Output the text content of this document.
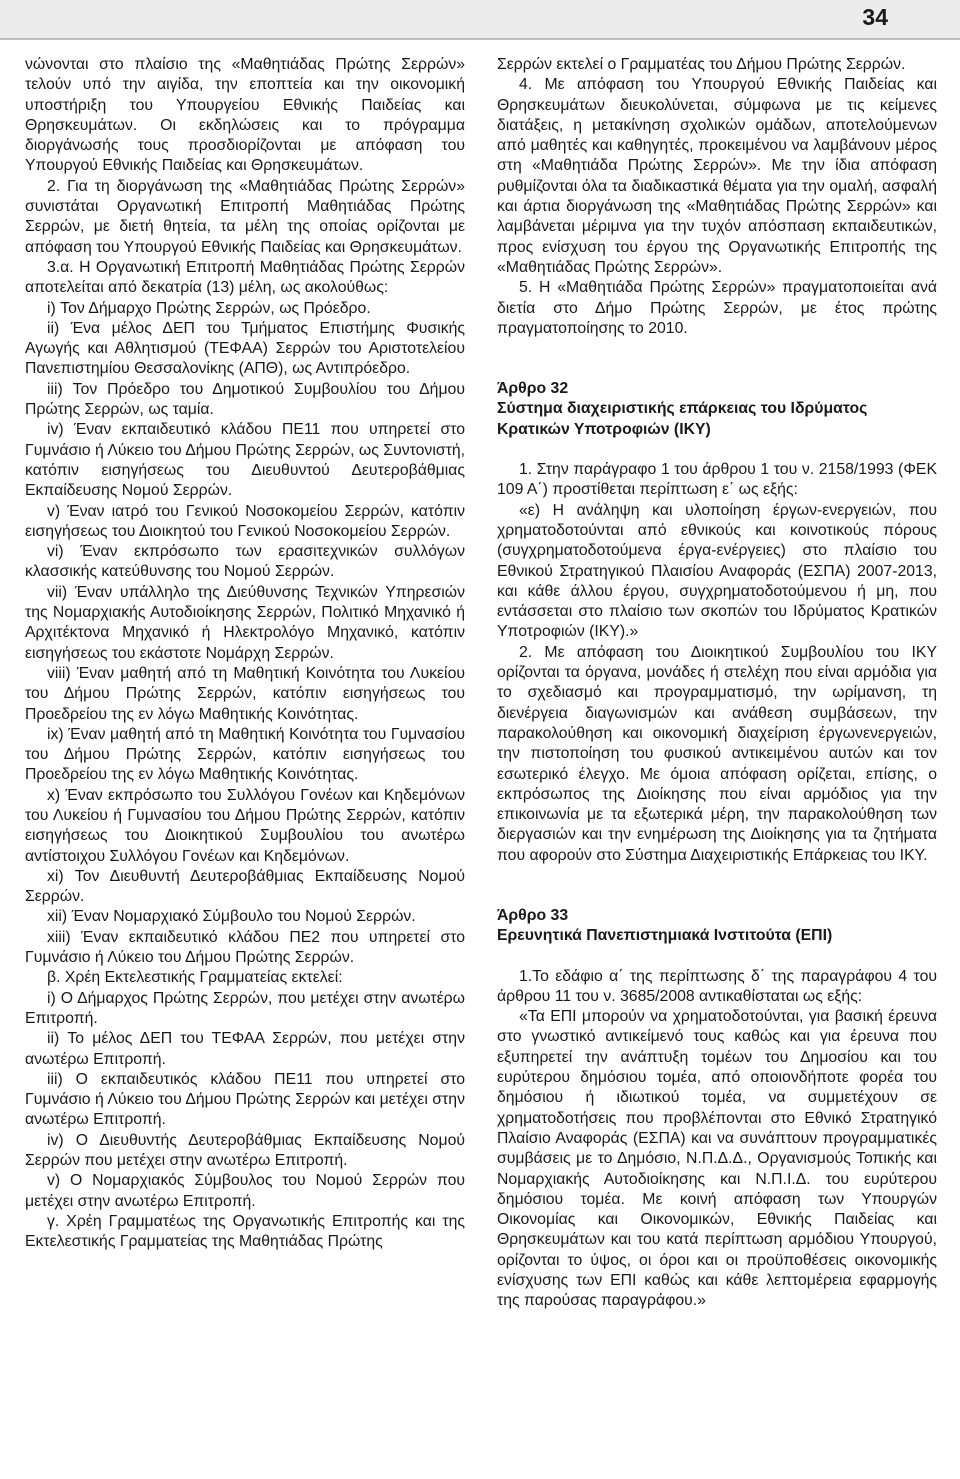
34

νώνονται στο πλαίσιο της «Μαθητιάδας Πρώτης Σερρών» τελούν υπό την αιγίδα, την εποπτεία και την οικονομική υποστήριξη του Υπουργείου Εθνικής Παιδείας και Θρησκευμάτων. Οι εκδηλώσεις και το πρόγραμμα διοργάνωσής τους προσδιορίζονται με απόφαση του Υπουργού Εθνικής Παιδείας και Θρησκευμάτων.

2. Για τη διοργάνωση της «Μαθητιάδας Πρώτης Σερρών» συνιστάται Οργανωτική Επιτροπή Μαθητιάδας Πρώτης Σερρών, με διετή θητεία, τα μέλη της οποίας ορίζονται με απόφαση του Υπουργού Εθνικής Παιδείας και Θρησκευμάτων.

3.α. Η Οργανωτική Επιτροπή Μαθητιάδας Πρώτης Σερρών αποτελείται από δεκατρία (13) μέλη, ως ακολούθως:

i) Τον Δήμαρχο Πρώτης Σερρών, ως Πρόεδρο.

ii) Ένα μέλος ΔΕΠ του Τμήματος Επιστήμης Φυσικής Αγωγής και Αθλητισμού (ΤΕΦΑΑ) Σερρών του Αριστοτελείου Πανεπιστημίου Θεσσαλονίκης (ΑΠΘ), ως Αντιπρόεδρο.

iii) Τον Πρόεδρο του Δημοτικού Συμβουλίου του Δήμου Πρώτης Σερρών, ως ταμία.

iv) Έναν εκπαιδευτικό κλάδου ΠΕ11 που υπηρετεί στο Γυμνάσιο ή Λύκειο του Δήμου Πρώτης Σερρών, ως Συντονιστή, κατόπιν εισηγήσεως του Διευθυντού Δευτεροβάθμιας Εκπαίδευσης Νομού Σερρών.

v) Έναν ιατρό του Γενικού Νοσοκομείου Σερρών, κατόπιν εισηγήσεως του Διοικητού του Γενικού Νοσοκομείου Σερρών.

vi) Έναν εκπρόσωπο των ερασιτεχνικών συλλόγων κλασσικής κατεύθυνσης του Νομού Σερρών.

vii) Έναν υπάλληλο της Διεύθυνσης Τεχνικών Υπηρεσιών της Νομαρχιακής Αυτοδιοίκησης Σερρών, Πολιτικό Μηχανικό ή Αρχιτέκτονα Μηχανικό ή Ηλεκτρολόγο Μηχανικό, κατόπιν εισηγήσεως του εκάστοτε Νομάρχη Σερρών.

viii) Έναν μαθητή από τη Μαθητική Κοινότητα του Λυκείου του Δήμου Πρώτης Σερρών, κατόπιν εισηγήσεως του Προεδρείου της εν λόγω Μαθητικής Κοινότητας.

ix) Έναν μαθητή από τη Μαθητική Κοινότητα του Γυμνασίου του Δήμου Πρώτης Σερρών, κατόπιν εισηγήσεως του Προεδρείου της εν λόγω Μαθητικής Κοινότητας.

x) Έναν εκπρόσωπο του Συλλόγου Γονέων και Κηδεμόνων του Λυκείου ή Γυμνασίου του Δήμου Πρώτης Σερρών, κατόπιν εισηγήσεως του Διοικητικού Συμβουλίου του ανωτέρω αντίστοιχου Συλλόγου Γονέων και Κηδεμόνων.

xi) Τον Διευθυντή Δευτεροβάθμιας Εκπαίδευσης Νομού Σερρών.

xii) Έναν Νομαρχιακό Σύμβουλο του Νομού Σερρών.

xiii) Έναν εκπαιδευτικό κλάδου ΠΕ2 που υπηρετεί στο Γυμνάσιο ή Λύκειο του Δήμου Πρώτης Σερρών.

β. Χρέη Εκτελεστικής Γραμματείας εκτελεί:

i) Ο Δήμαρχος Πρώτης Σερρών, που μετέχει στην ανωτέρω Επιτροπή.

ii) Το μέλος ΔΕΠ του ΤΕΦΑΑ Σερρών, που μετέχει στην ανωτέρω Επιτροπή.

iii) Ο εκπαιδευτικός κλάδου ΠΕ11 που υπηρετεί στο Γυμνάσιο ή Λύκειο του Δήμου Πρώτης Σερρών και μετέχει στην ανωτέρω Επιτροπή.

iv) Ο Διευθυντής Δευτεροβάθμιας Εκπαίδευσης Νομού Σερρών που μετέχει στην ανωτέρω Επιτροπή.

v) Ο Νομαρχιακός Σύμβουλος του Νομού Σερρών που μετέχει στην ανωτέρω Επιτροπή.

γ. Χρέη Γραμματέως της Οργανωτικής Επιτροπής και της Εκτελεστικής Γραμματείας της Μαθητιάδας Πρώτης

Σερρών εκτελεί ο Γραμματέας του Δήμου Πρώτης Σερρών.

4. Με απόφαση του Υπουργού Εθνικής Παιδείας και Θρησκευμάτων διευκολύνεται, σύμφωνα με τις κείμενες διατάξεις, η μετακίνηση σχολικών ομάδων, αποτελούμενων από μαθητές και καθηγητές, προκειμένου να λαμβάνουν μέρος στη «Μαθητιάδα Πρώτης Σερρών». Με την ίδια απόφαση ρυθμίζονται όλα τα διαδικαστικά θέματα για την ομαλή, ασφαλή και άρτια διοργάνωση της «Μαθητιάδας Πρώτης Σερρών» και λαμβάνεται μέριμνα για την τυχόν απόσπαση εκπαιδευτικών, προς ενίσχυση του έργου της Οργανωτικής Επιτροπής της «Μαθητιάδας Πρώτης Σερρών».

5. Η «Μαθητιάδα Πρώτης Σερρών» πραγματοποιείται ανά διετία στο Δήμο Πρώτης Σερρών, με έτος πρώτης πραγματοποίησης το 2010.

Άρθρο 32

Σύστημα διαχειριστικής επάρκειας του Ιδρύματος

Κρατικών Υποτροφιών (ΙΚΥ)

1. Στην παράγραφο 1 του άρθρου 1 του ν. 2158/1993 (ΦΕΚ 109 Α΄) προστίθεται περίπτωση ε΄ ως εξής:

«ε) Η ανάληψη και υλοποίηση έργων-ενεργειών, που χρηματοδοτούνται από εθνικούς και κοινοτικούς πόρους (συγχρηματοδοτούμενα έργα-ενέργειες) στο πλαίσιο του Εθνικού Στρατηγικού Πλαισίου Αναφοράς (ΕΣΠΑ) 2007-2013, και κάθε άλλου έργου, συγχρηματοδοτούμενου ή μη, που εντάσσεται στο πλαίσιο των σκοπών του Ιδρύματος Κρατικών Υποτροφιών (ΙΚΥ).»

2. Με απόφαση του Διοικητικού Συμβουλίου του ΙΚΥ ορίζονται τα όργανα, μονάδες ή στελέχη που είναι αρμόδια για το σχεδιασμό και προγραμματισμό, την ωρίμανση, τη διενέργεια διαγωνισμών και ανάθεση συμβάσεων, την παρακολούθηση και οικονομική διαχείριση έργωνενεργειών, την πιστοποίηση του φυσικού αντικειμένου αυτών και τον εσωτερικό έλεγχο. Με όμοια απόφαση ορίζεται, επίσης, ο εκπρόσωπος της Διοίκησης που είναι αρμόδιος για την επικοινωνία με τα εξωτερικά μέρη, την παρακολούθηση των διεργασιών και την ενημέρωση της Διοίκησης για τα ζητήματα που αφορούν στο Σύστημα Διαχειριστικής Επάρκειας του ΙΚΥ.

Άρθρο 33

Ερευνητικά Πανεπιστημιακά Ινστιτούτα (ΕΠΙ)

1.Το εδάφιο α΄ της περίπτωσης δ΄ της παραγράφου 4 του άρθρου 11 του ν. 3685/2008 αντικαθίσταται ως εξής:

«Τα ΕΠΙ μπορούν να χρηματοδοτούνται, για βασική έρευνα στο γνωστικό αντικείμενό τους καθώς και για έρευνα που εξυπηρετεί την ανάπτυξη τομέων του Δημοσίου και του ευρύτερου δημόσιου τομέα, από οποιονδήποτε φορέα του δημόσιου ή ιδιωτικού τομέα, να συμμετέχουν σε χρηματοδοτήσεις που προβλέπονται στο Εθνικό Στρατηγικό Πλαίσιο Αναφοράς (ΕΣΠΑ) και να συνάπτουν προγραμματικές συμβάσεις με το Δημόσιο, Ν.Π.Δ.Δ., Οργανισμούς Τοπικής και Νομαρχιακής Αυτοδιοίκησης και Ν.Π.Ι.Δ. του ευρύτερου δημόσιου τομέα. Με κοινή απόφαση των Υπουργών Οικονομίας και Οικονομικών, Εθνικής Παιδείας και Θρησκευμάτων και του κατά περίπτωση αρμόδιου Υπουργού, ορίζονται το ύψος, οι όροι και οι προϋποθέσεις οικονομικής ενίσχυσης των ΕΠΙ καθώς και κάθε λεπτομέρεια εφαρμογής της παρούσας παραγράφου.»
